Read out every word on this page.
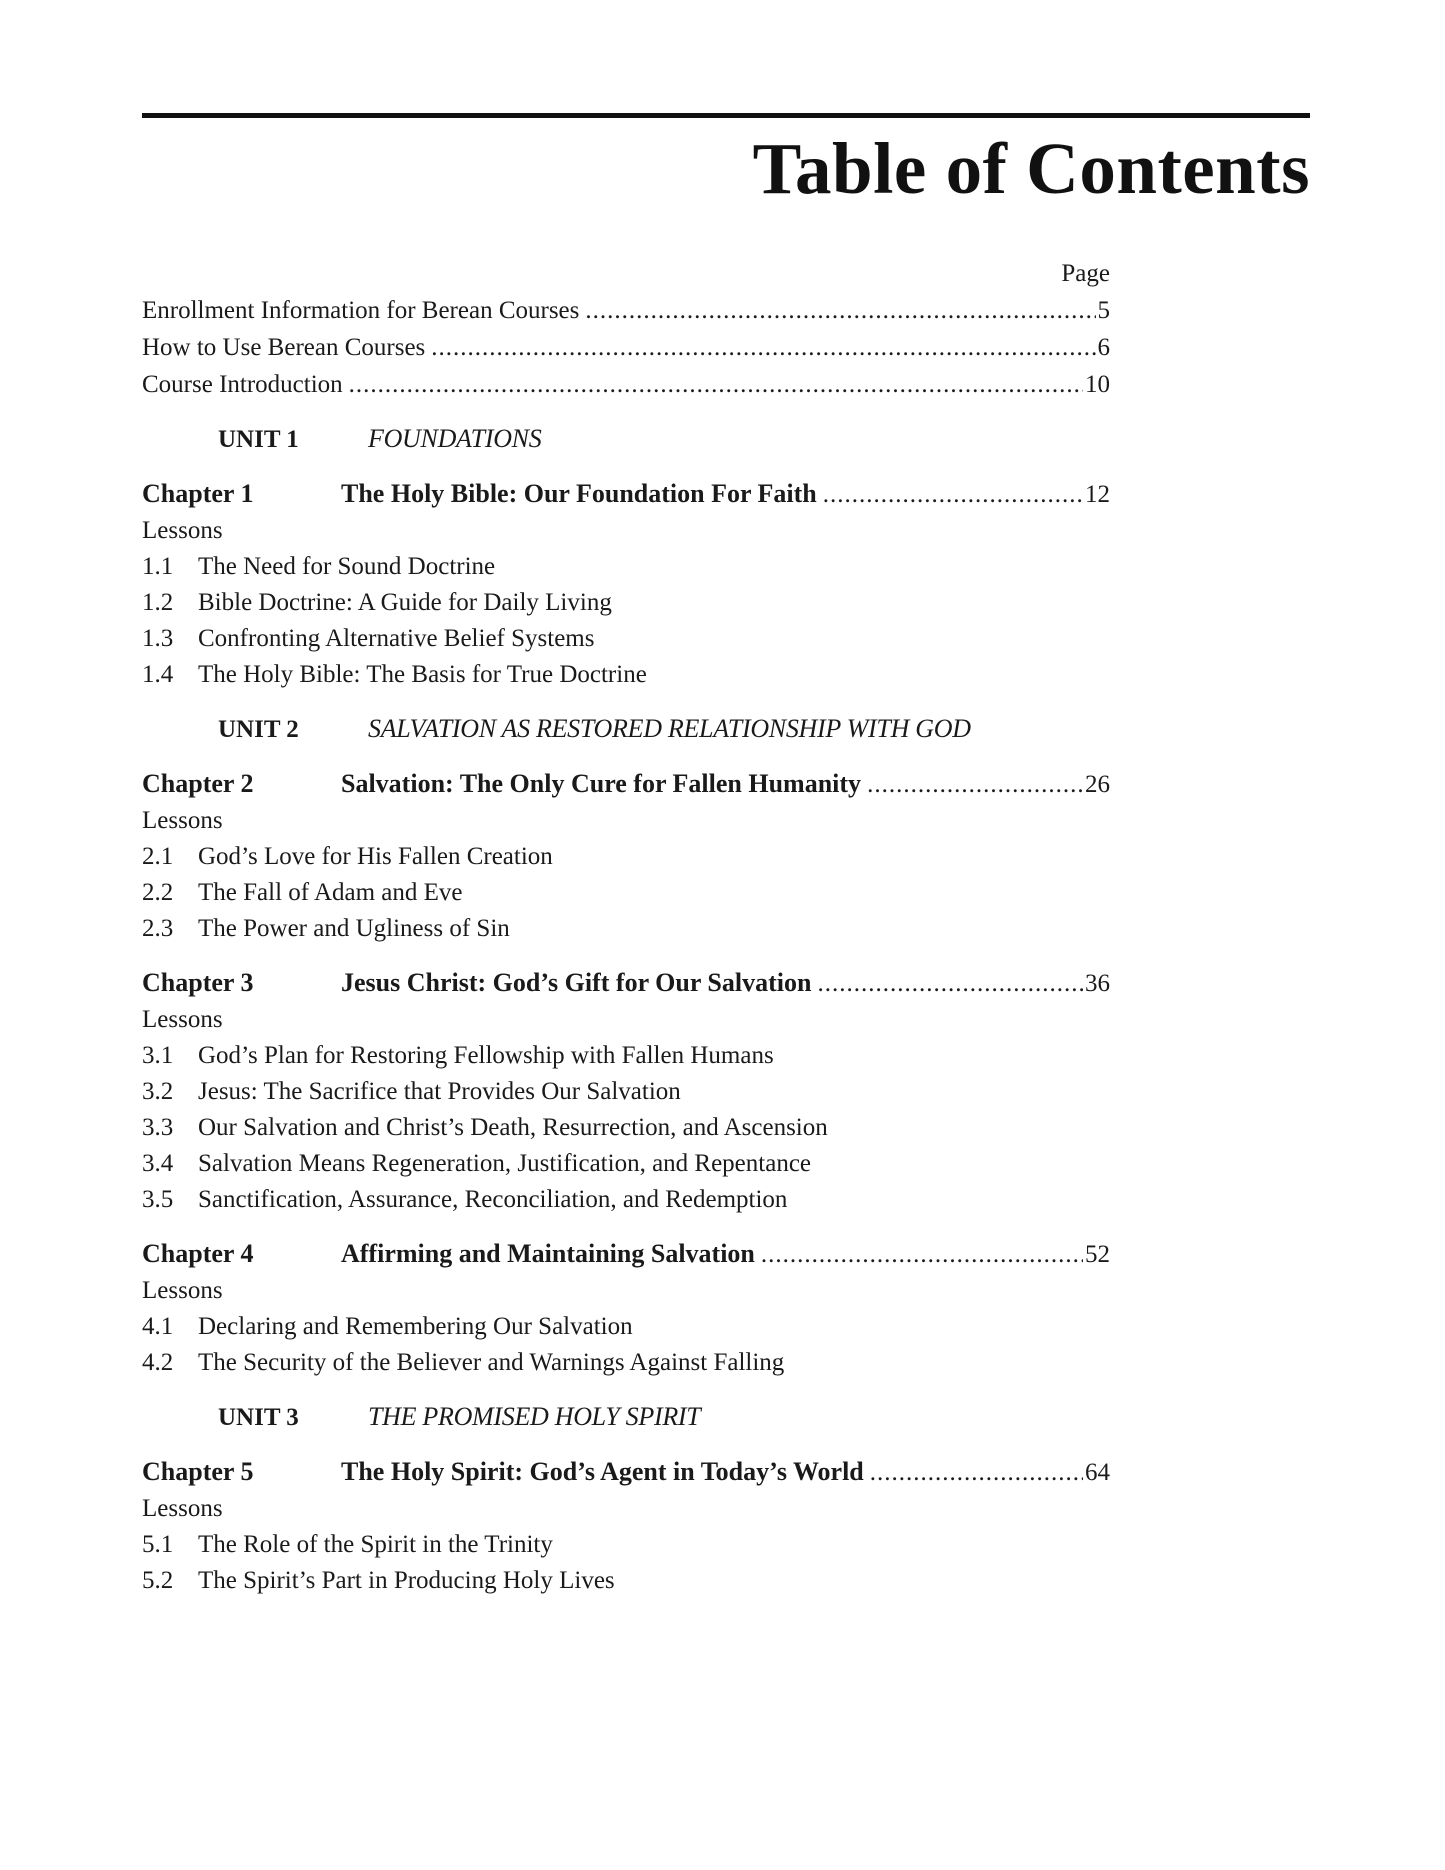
Table of Contents
Page
Enrollment Information for Berean Courses .....	5
How to Use Berean Courses .....	6
Course Introduction .....	10
UNIT 1	FOUNDATIONS
Chapter 1	The Holy Bible: Our Foundation For Faith .....	12
Lessons
1.1 The Need for Sound Doctrine
1.2 Bible Doctrine: A Guide for Daily Living
1.3 Confronting Alternative Belief Systems
1.4 The Holy Bible: The Basis for True Doctrine
UNIT 2	SALVATION AS RESTORED RELATIONSHIP WITH GOD
Chapter 2	Salvation: The Only Cure for Fallen Humanity .....	26
Lessons
2.1 God’s Love for His Fallen Creation
2.2 The Fall of Adam and Eve
2.3 The Power and Ugliness of Sin
Chapter 3	Jesus Christ: God’s Gift for Our Salvation .....	36
Lessons
3.1 God’s Plan for Restoring Fellowship with Fallen Humans
3.2 Jesus: The Sacrifice that Provides Our Salvation
3.3 Our Salvation and Christ’s Death, Resurrection, and Ascension
3.4 Salvation Means Regeneration, Justification, and Repentance
3.5 Sanctification, Assurance, Reconciliation, and Redemption
Chapter 4	Affirming and Maintaining Salvation .....	52
Lessons
4.1 Declaring and Remembering Our Salvation
4.2 The Security of the Believer and Warnings Against Falling
UNIT 3	THE PROMISED HOLY SPIRIT
Chapter 5	The Holy Spirit: God’s Agent in Today’s World .....	64
Lessons
5.1 The Role of the Spirit in the Trinity
5.2 The Spirit’s Part in Producing Holy Lives
